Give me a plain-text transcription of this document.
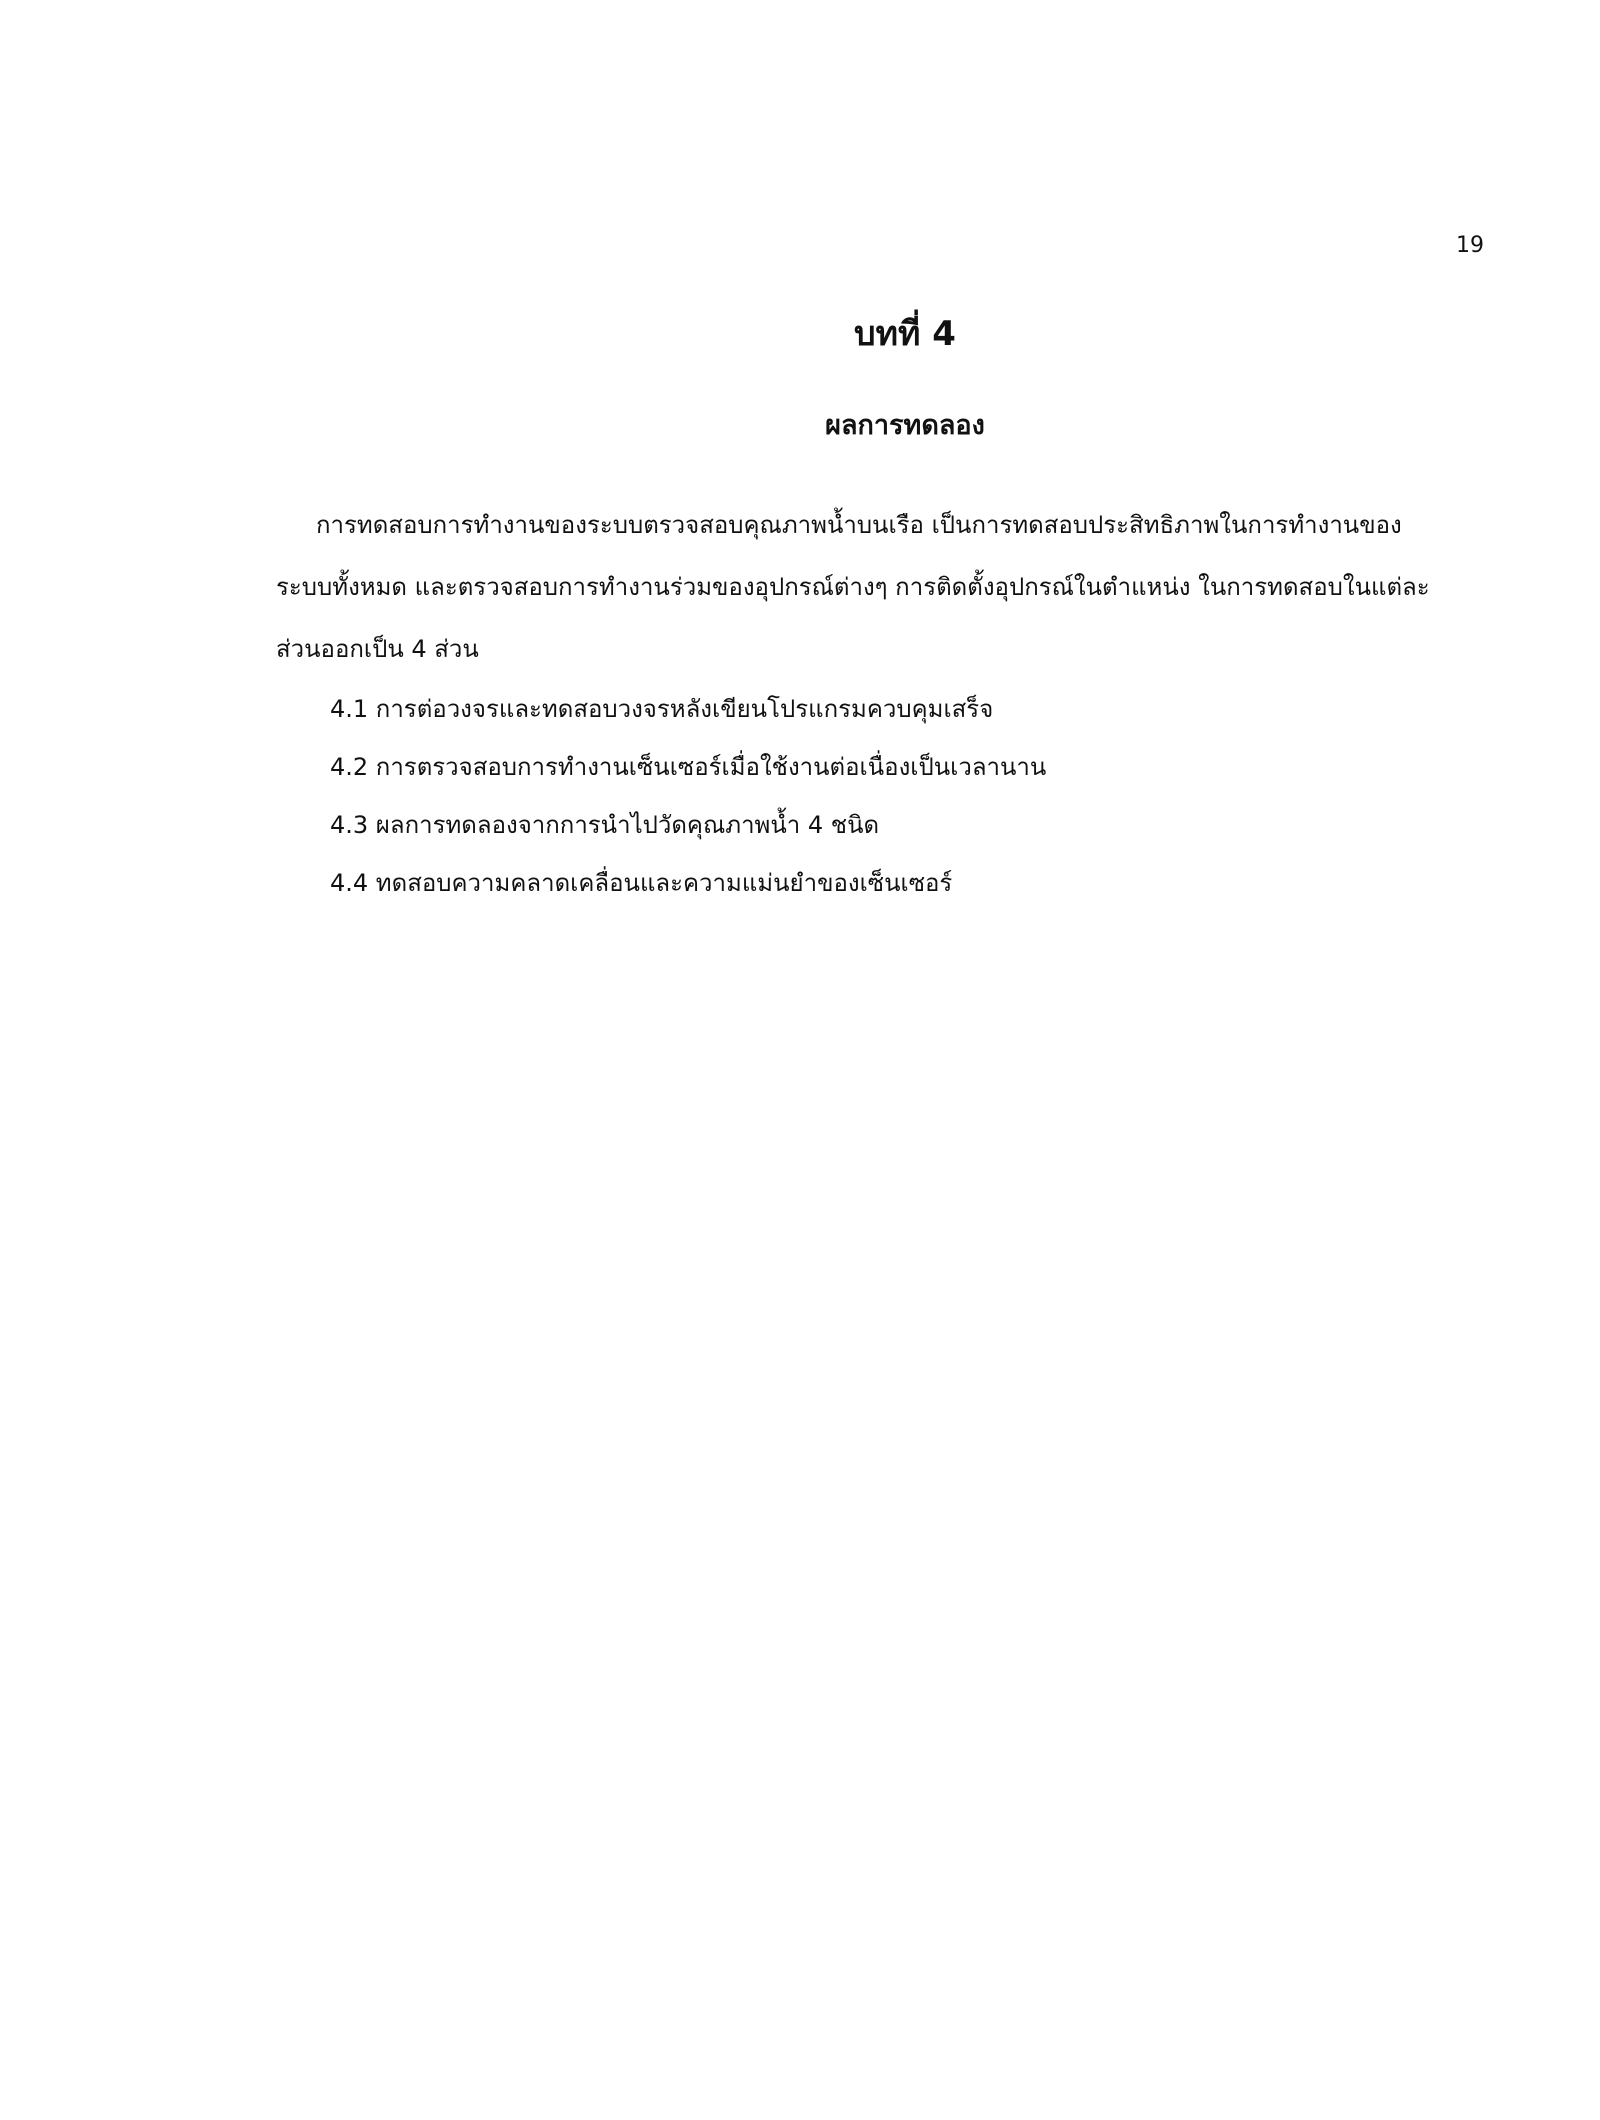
19
บทที่ 4
ผลการทดลอง

การทดสอบการทำงานของระบบตรวจสอบคุณภาพน้ำบนเรือ เป็นการทดสอบประสิทธิภาพในการทำงานของระบบทั้งหมด และตรวจสอบการทำงานร่วมของอุปกรณ์ต่างๆ การติดตั้งอุปกรณ์ในตำแหน่ง ในการทดสอบในแต่ละส่วนออกเป็น 4 ส่วน

4.1 การต่อวงจรและทดสอบวงจรหลังเขียนโปรแกรมควบคุมเสร็จ
4.2 การตรวจสอบการทำงานเซ็นเซอร์เมื่อใช้งานต่อเนื่องเป็นเวลานาน
4.3 ผลการทดลองจากการนำไปวัดคุณภาพน้ำ 4 ชนิด
4.4 ทดสอบความคลาดเคลื่อนและความแม่นยำของเซ็นเซอร์
